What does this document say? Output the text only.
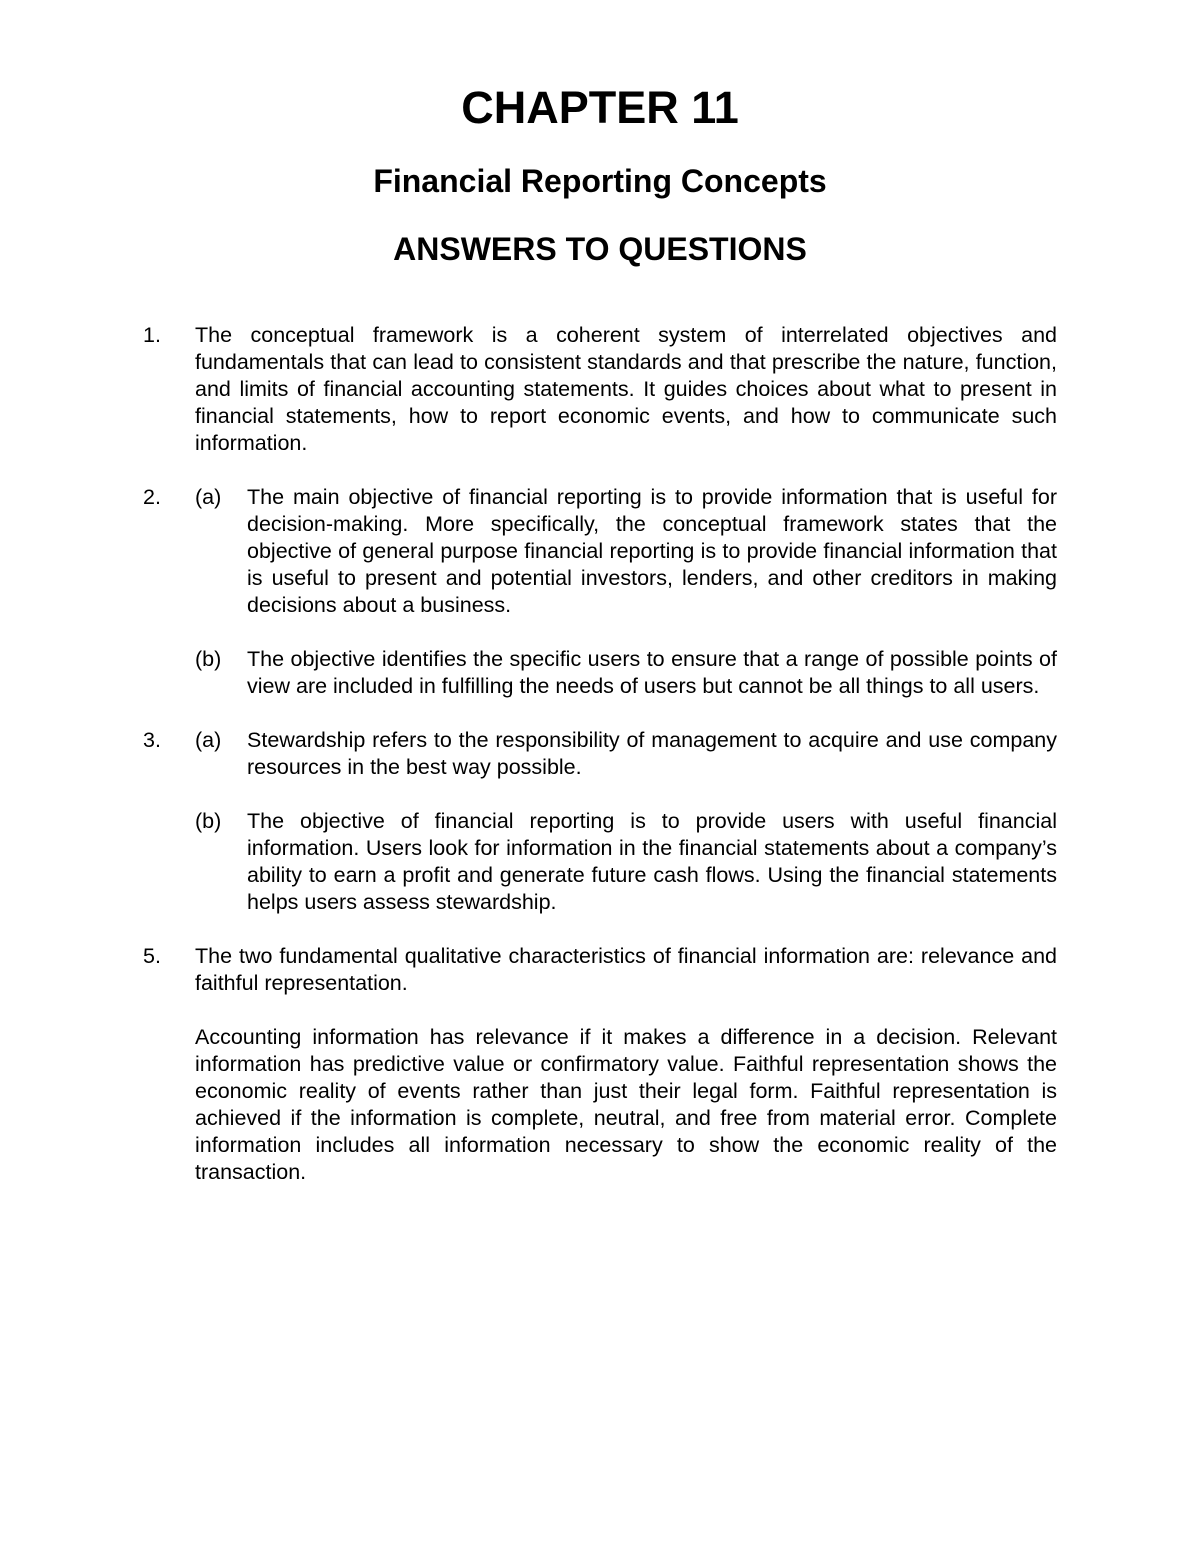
CHAPTER 11
Financial Reporting Concepts
ANSWERS TO QUESTIONS
1. The conceptual framework is a coherent system of interrelated objectives and fundamentals that can lead to consistent standards and that prescribe the nature, function, and limits of financial accounting statements. It guides choices about what to present in financial statements, how to report economic events, and how to communicate such information.
2. (a) The main objective of financial reporting is to provide information that is useful for decision-making. More specifically, the conceptual framework states that the objective of general purpose financial reporting is to provide financial information that is useful to present and potential investors, lenders, and other creditors in making decisions about a business.
(b) The objective identifies the specific users to ensure that a range of possible points of view are included in fulfilling the needs of users but cannot be all things to all users.
3. (a) Stewardship refers to the responsibility of management to acquire and use company resources in the best way possible.
(b) The objective of financial reporting is to provide users with useful financial information. Users look for information in the financial statements about a company’s ability to earn a profit and generate future cash flows. Using the financial statements helps users assess stewardship.
5. The two fundamental qualitative characteristics of financial information are: relevance and faithful representation.
Accounting information has relevance if it makes a difference in a decision. Relevant information has predictive value or confirmatory value. Faithful representation shows the economic reality of events rather than just their legal form. Faithful representation is achieved if the information is complete, neutral, and free from material error. Complete information includes all information necessary to show the economic reality of the transaction.
